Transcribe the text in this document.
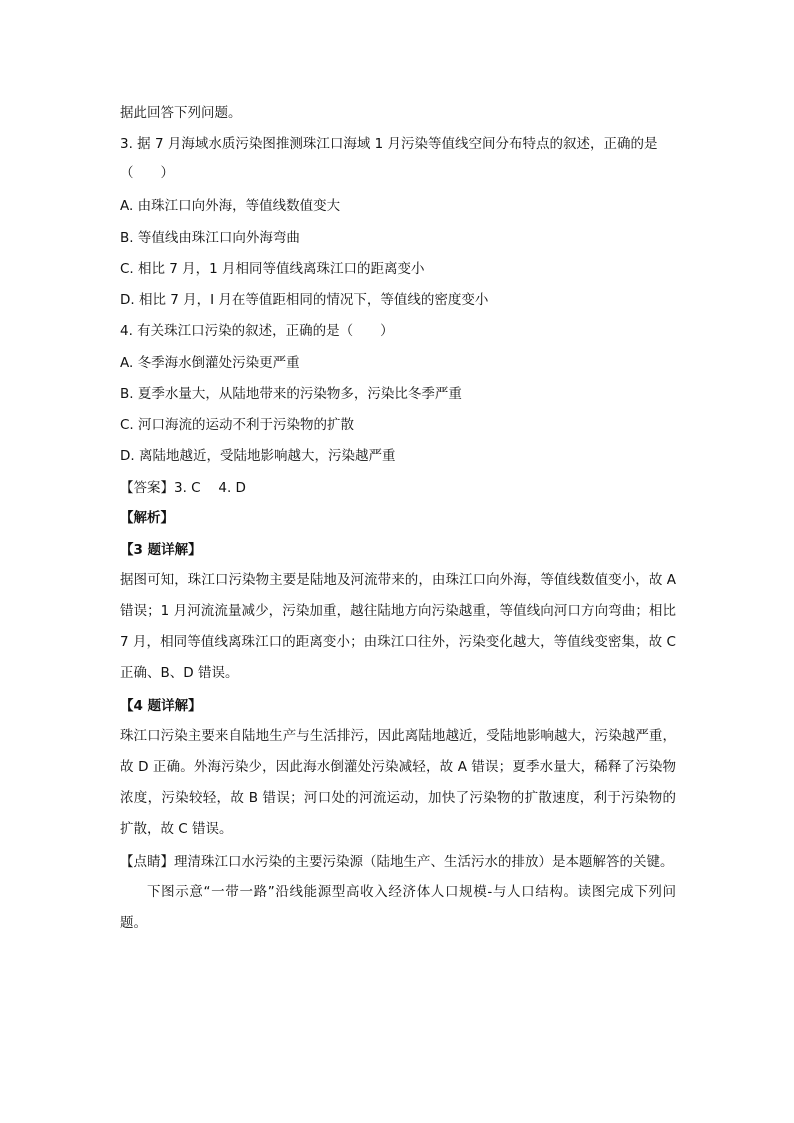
据此回答下列问题。
3. 据 7 月海域水质污染图推测珠江口海域 1 月污染等值线空间分布特点的叙述，正确的是
（　　）
A. 由珠江口向外海，等值线数值变大
B. 等值线由珠江口向外海弯曲
C. 相比 7 月，1 月相同等值线离珠江口的距离变小
D. 相比 7 月，I 月在等值距相同的情况下，等值线的密度变小
4. 有关珠江口污染的叙述，正确的是（　　）
A. 冬季海水倒灌处污染更严重
B. 夏季水量大，从陆地带来的污染物多，污染比冬季严重
C. 河口海流的运动不利于污染物的扩散
D. 离陆地越近，受陆地影响越大，污染越严重
【答案】3. C　 4. D
【解析】
【3 题详解】
据图可知，珠江口污染物主要是陆地及河流带来的，由珠江口向外海，等值线数值变小，故 A 错误；1 月河流流量减少，污染加重，越往陆地方向污染越重，等值线向河口方向弯曲；相比 7 月，相同等值线离珠江口的距离变小；由珠江口往外，污染变化越大，等值线变密集，故 C 正确、B、D 错误。
【4 题详解】
珠江口污染主要来自陆地生产与生活排污，因此离陆地越近，受陆地影响越大，污染越严重，故 D 正确。外海污染少，因此海水倒灌处污染减轻，故 A 错误；夏季水量大，稀释了污染物浓度，污染较轻，故 B 错误；河口处的河流运动，加快了污染物的扩散速度，利于污染物的扩散，故 C 错误。
【点睛】理清珠江口水污染的主要污染源（陆地生产、生活污水的排放）是本题解答的关键。
下图示意“一带一路”沿线能源型高收入经济体人口规模-与人口结构。读图完成下列问题。
